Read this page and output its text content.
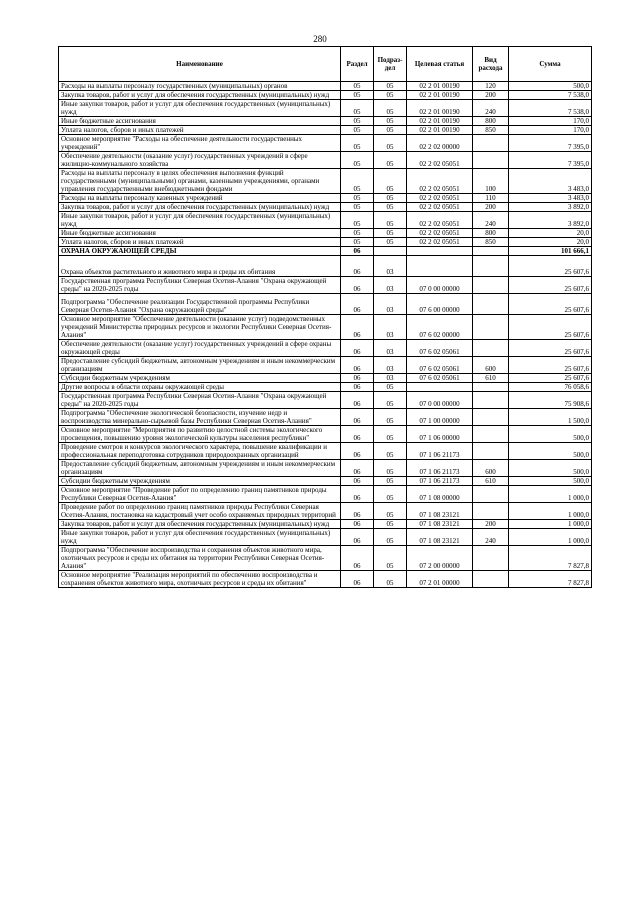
280
Наименование	Раздел	Подраз-дел	Целевая статья	Вид расхода	Сумма
Расходы на выплаты персоналу государственных (муниципальных) органов	05	05	02 2 01 00190	120	500,0
Закупка товаров, работ и услуг для обеспечения государственных (муниципальных) нужд	05	05	02 2 01 00190	200	7 538,0
Иные закупки товаров, работ и услуг для обеспечения государственных (муниципальных) нужд	05	05	02 2 01 00190	240	7 538,0
Иные бюджетные ассигнования	05	05	02 2 01 00190	800	170,0
Уплата налогов, сборов и иных платежей	05	05	02 2 01 00190	850	170,0
Основное мероприятие "Расходы на обеспечение деятельности государственных учреждений"	05	05	02 2 02 00000		7 395,0
Обеспечение деятельности (оказание услуг) государственных учреждений в сфере жилищно-коммунального хозяйства	05	05	02 2 02 05051		7 395,0
Расходы на выплаты персоналу в целях обеспечения выполнения функций государственными (муниципальными) органами, казенными учреждениями, органами управления государственными внебюджетными фондами	05	05	02 2 02 05051	100	3 483,0
Расходы на выплаты персоналу казенных учреждений	05	05	02 2 02 05051	110	3 483,0
Закупка товаров, работ и услуг для обеспечения государственных (муниципальных) нужд	05	05	02 2 02 05051	200	3 892,0
Иные закупки товаров, работ и услуг для обеспечения государственных (муниципальных) нужд	05	05	02 2 02 05051	240	3 892,0
Иные бюджетные ассигнования	05	05	02 2 02 05051	800	20,0
Уплата налогов, сборов и иных платежей	05	05	02 2 02 05051	850	20,0
ОХРАНА ОКРУЖАЮЩЕЙ СРЕДЫ	06				101 666,1
Охрана объектов растительного и животного мира и среды их обитания	06	03			25 607,6
Государственная программа Республики Северная Осетия-Алания "Охрана окружающей среды" на 2020-2025 годы	06	03	07 0 00 00000		25 607,6
Подпрограмма "Обеспечение реализации Государственной программы Республики Северная Осетия-Алания "Охрана окружающей среды"	06	03	07 6 00 00000		25 607,6
Основное мероприятие "Обеспечение деятельности (оказание услуг) подведомственных учреждений Министерства природных ресурсов и экологии Республики Северная Осетия-Алания"	06	03	07 6 02 00000		25 607,6
Обеспечение деятельности (оказание услуг) государственных учреждений в сфере охраны окружающей среды	06	03	07 6 02 05061		25 607,6
Предоставление субсидий бюджетным, автономным учреждениям и иным некоммерческим организациям	06	03	07 6 02 05061	600	25 607,6
Субсидии бюджетным учреждениям	06	03	07 6 02 05061	610	25 607,6
Другие вопросы в области охраны окружающей среды	06	05			76 058,6
Государственная программа Республики Северная Осетия-Алания "Охрана окружающей среды" на 2020-2025 годы	06	05	07 0 00 00000		75 908,6
Подпрограмма "Обеспечение экологической безопасности, изучение недр и воспроизводства минерально-сырьевой базы Республики Северная Осетия-Алания"	06	05	07 1 00 00000		1 500,0
Основное мероприятие "Мероприятия по развитию целостной системы экологического просвещения, повышению уровня экологической культуры населения республики"	06	05	07 1 06 00000		500,0
Проведение смотров и конкурсов экологического характера, повышение квалификации и профессиональная переподготовка сотрудников природоохранных организаций	06	05	07 1 06 21173		500,0
Предоставление субсидий бюджетным, автономным учреждениям и иным некоммерческим организациям	06	05	07 1 06 21173	600	500,0
Субсидии бюджетным учреждениям	06	05	07 1 06 21173	610	500,0
Основное мероприятие "Проведение работ по определению границ памятников природы Республики Северная Осетия-Алания"	06	05	07 1 08 00000		1 000,0
Проведение работ по определению границ памятников природы Республики Северная Осетия-Алания, постановка на кадастровый учет особо охраняемых природных территорий	06	05	07 1 08 23121		1 000,0
Закупка товаров, работ и услуг для обеспечения государственных (муниципальных) нужд	06	05	07 1 08 23121	200	1 000,0
Иные закупки товаров, работ и услуг для обеспечения государственных (муниципальных) нужд	06	05	07 1 08 23121	240	1 000,0
Подпрограмма "Обеспечение воспроизводства и сохранения объектов животного мира, охотничьих ресурсов и среды их обитания на территории Республики Северная Осетия-Алания"	06	05	07 2 00 00000		7 827,8
Основное мероприятие "Реализация мероприятий по обеспечению воспроизводства и сохранения объектов животного мира, охотничьих ресурсов и среды их обитания"	06	05	07 2 01 00000		7 827,8
